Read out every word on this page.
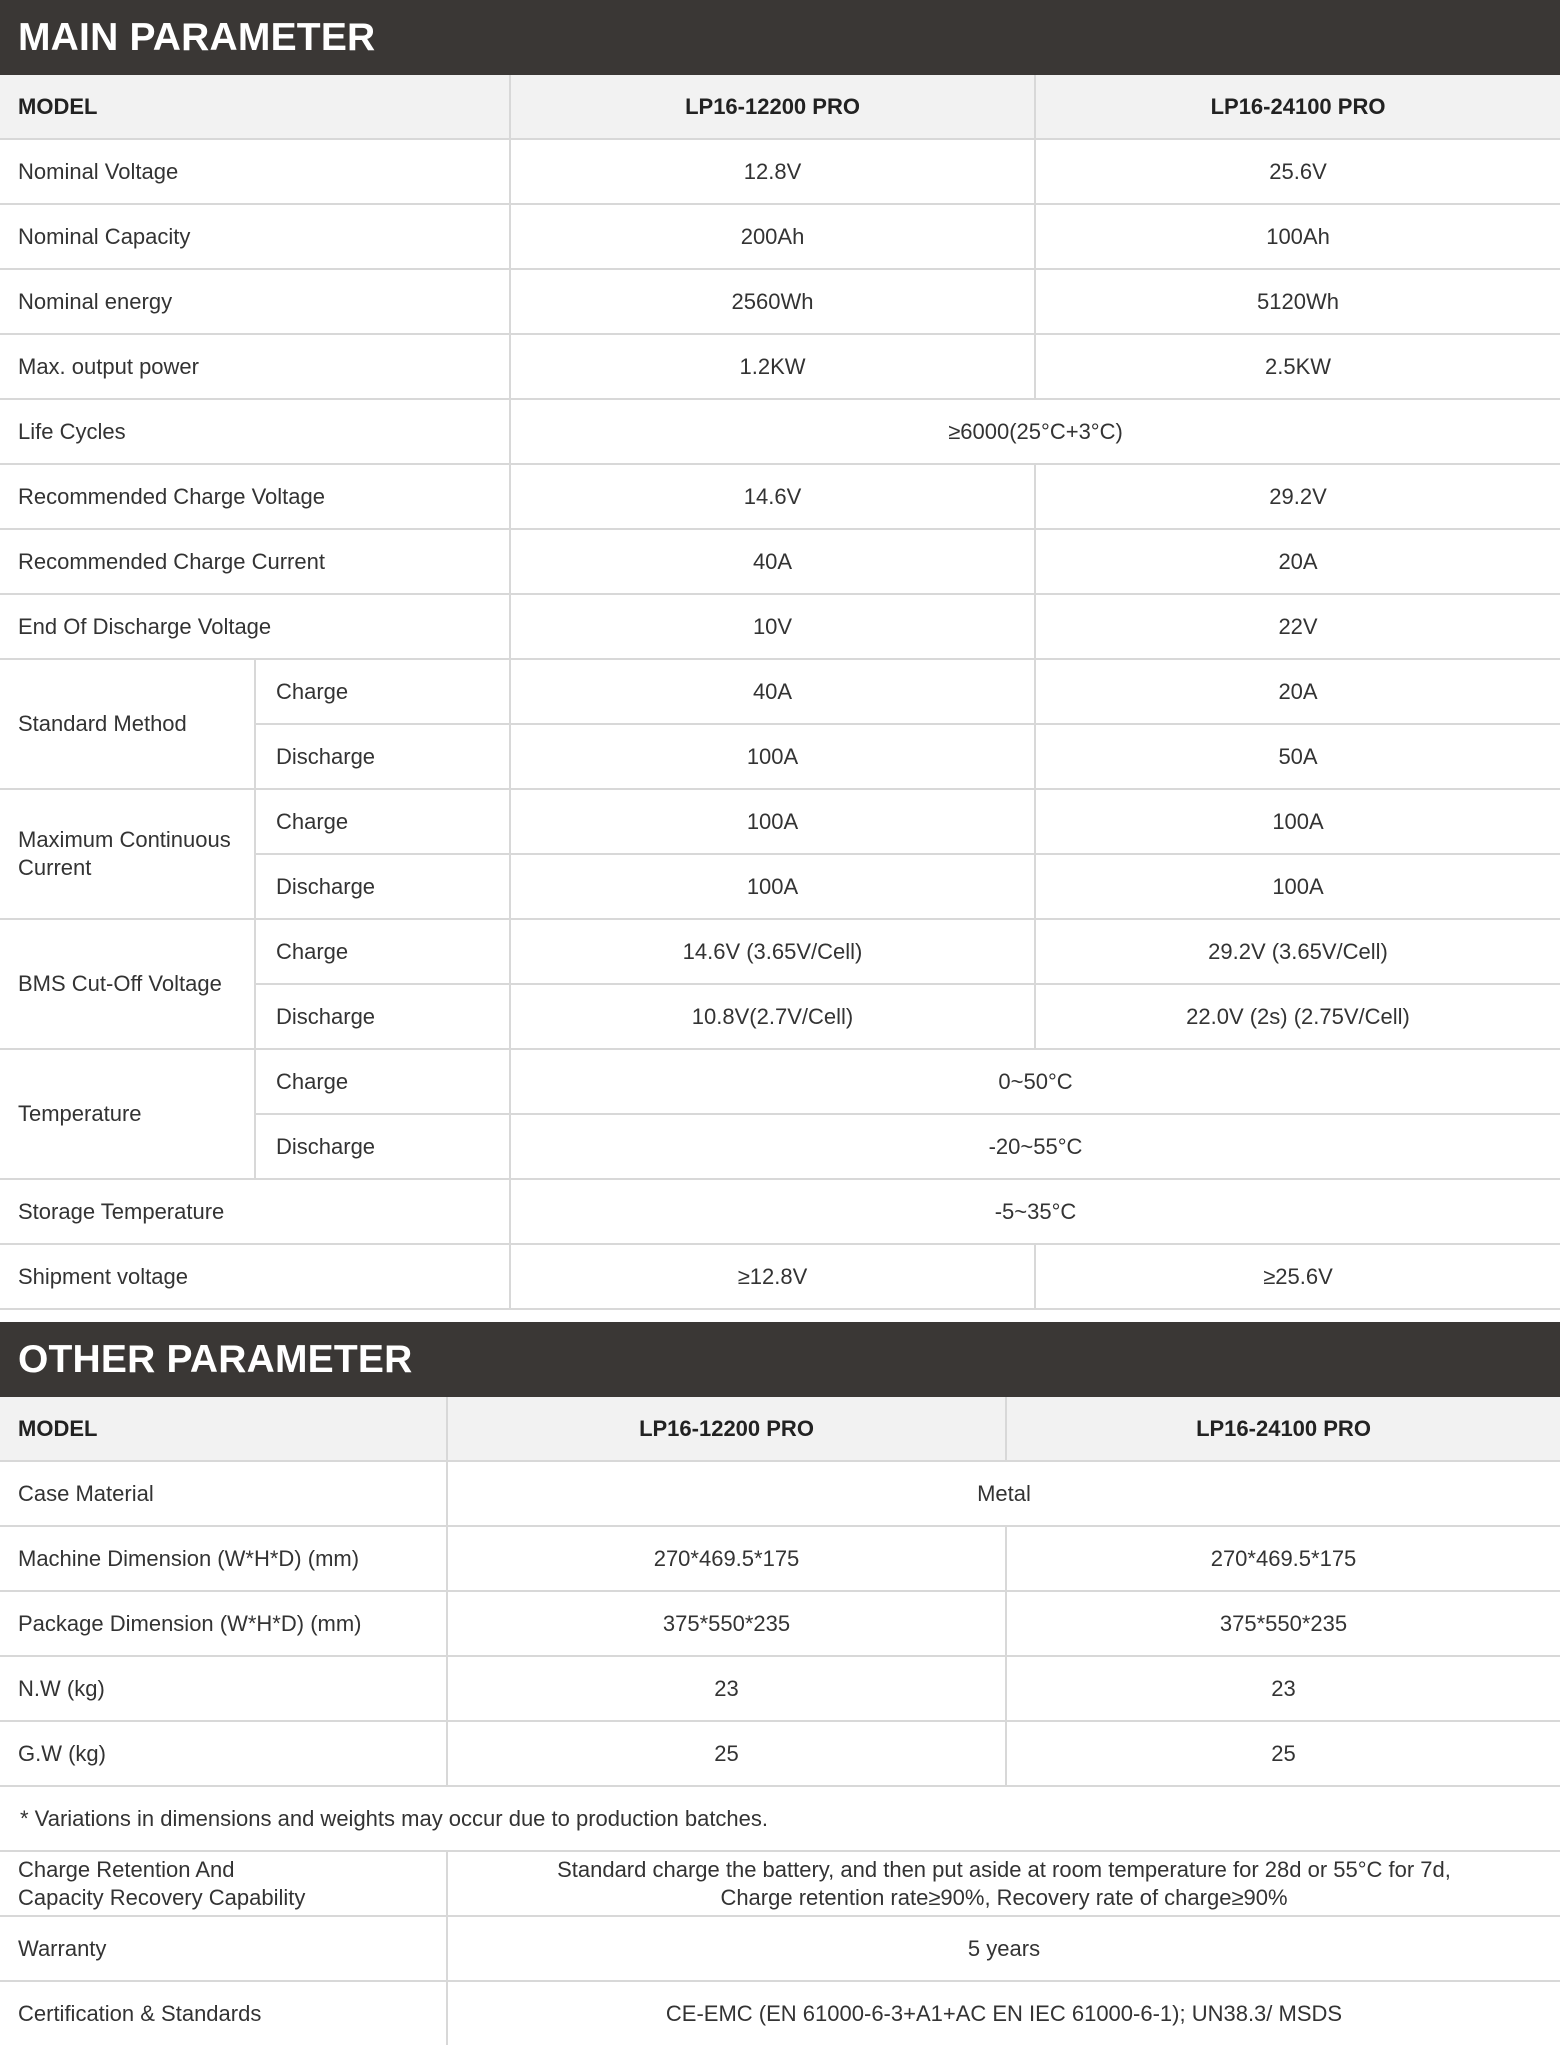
MAIN PARAMETER
MODEL		LP16-12200 PRO	LP16-24100 PRO
Nominal Voltage		12.8V	25.6V
Nominal Capacity		200Ah	100Ah
Nominal energy		2560Wh	5120Wh
Max. output power		1.2KW	2.5KW
Life Cycles		≥6000(25°C+3°C)	
Recommended Charge Voltage		14.6V	29.2V
Recommended Charge Current		40A	20A
End Of Discharge Voltage		10V	22V
Standard Method	Charge	40A	20A
	Discharge	100A	50A
Maximum Continuous
Current	Charge	100A	100A
	Discharge	100A	100A
BMS Cut-Off Voltage	Charge	14.6V (3.65V/Cell)	29.2V (3.65V/Cell)
	Discharge	10.8V(2.7V/Cell)	22.0V (2s) (2.75V/Cell)
Temperature	Charge	0~50°C	
	Discharge	-20~55°C	
Storage Temperature		-5~35°C	
Shipment voltage		≥12.8V	≥25.6V
OTHER PARAMETER
MODEL	LP16-12200 PRO	LP16-24100 PRO
Case Material	Metal	
Machine Dimension (W*H*D) (mm)	270*469.5*175	270*469.5*175
Package Dimension (W*H*D) (mm)	375*550*235	375*550*235
N.W (kg)	23	23
G.W (kg)	25	25
* Variations in dimensions and weights may occur due to production batches.		
Charge Retention And
Capacity Recovery Capability	Standard charge the battery, and then put aside at room temperature for 28d or 55°C for 7d,
Charge retention rate≥90%, Recovery rate of charge≥90%	
Warranty	5 years	
Certification & Standards	CE-EMC (EN 61000-6-3+A1+AC EN IEC 61000-6-1); UN38.3/ MSDS	
